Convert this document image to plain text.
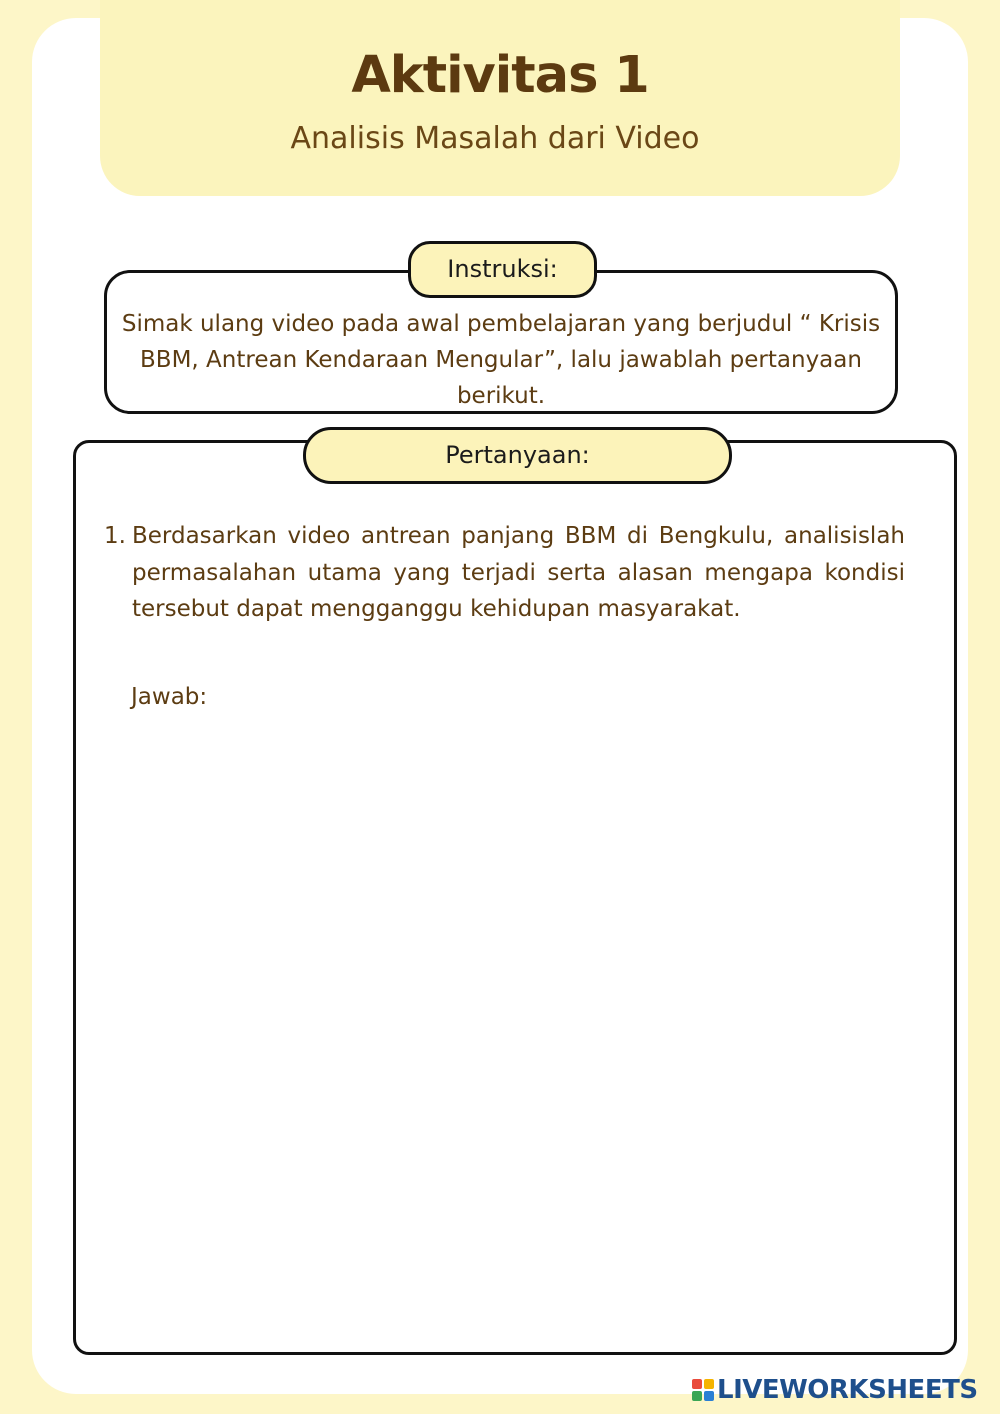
Aktivitas 1

Analisis Masalah dari Video

Simak ulang video pada awal pembelajaran yang berjudul “ Krisis BBM, Antrean Kendaraan Mengular”, lalu jawablah pertanyaan berikut.

Instruksi:
Pertanyaan:
1. Berdasarkan video antrean panjang BBM di Bengkulu, analisislah permasalahan utama yang terjadi serta alasan mengapa kondisi tersebut dapat mengganggu kehidupan masyarakat.

Jawab:
LIVEWORKSHEETS
